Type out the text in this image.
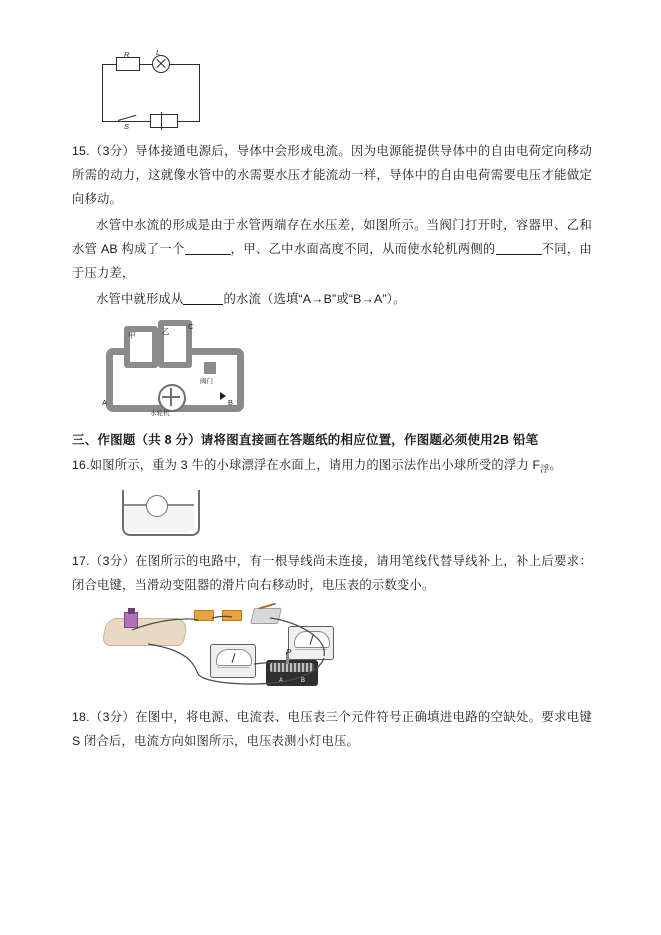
R	L
S

15.（3分）导体接通电源后，导体中会形成电流。因为电源能提供导体中的自由电荷定向移动所需的动力，这就像水管中的水需要水压才能流动一样，导体中的自由电荷需要电压才能做定向移动。

水管中水流的形成是由于水管两端存在水压差，如图所示。当阀门打开时，容器甲、乙和水管 AB 构成了一个	，甲、乙中水面高度不同，从而使水轮机两侧的	不同，由于压力差，

水管中就形成从	的水流（选填“A→B”或“B→A”）。

甲	乙
C
A	B
水轮机
阀门

三、作图题（共 8 分）请将图直接画在答题纸的相应位置，作图题必须使用2B 铅笔

16.如图所示，重为 3 牛的小球漂浮在水面上，请用力的图示法作出小球所受的浮力 $F_浮$。

17.（3分）在图所示的电路中，有一根导线尚未连接，请用笔线代替导线补上，补上后要求：闭合电键，当滑动变阻器的滑片向右移动时，电压表的示数变小。

A	B
P

18.（3分）在图中，将电源、电流表、电压表三个元件符号正确填进电路的空缺处。要求电键 S 闭合后，电流方向如图所示，电压表测小灯电压。
